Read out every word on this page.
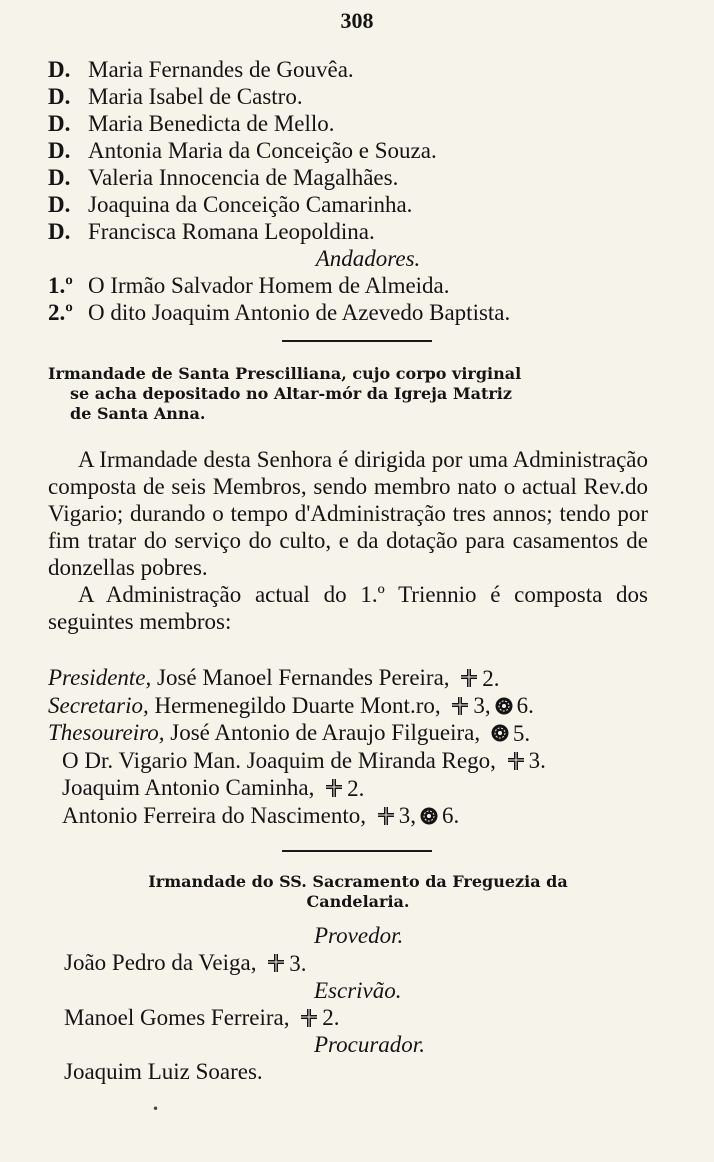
308
D. Maria Fernandes de Gouvêa.
D. Maria Isabel de Castro.
D. Maria Benedicta de Mello.
D. Antonia Maria da Conceição e Souza.
D. Valeria Innocencia de Magalhães.
D. Joaquina da Conceição Camarinha.
D. Francisca Romana Leopoldina.
Andadores.
1.º O Irmão Salvador Homem de Almeida.
2.º O dito Joaquim Antonio de Azevedo Baptista.
Irmandade de Santa Prescilliana, cujo corpo virginal
se acha depositado no Altar-mór da Igreja Matriz
de Santa Anna.

A Irmandade desta Senhora é dirigida por uma Administração composta de seis Membros, sendo membro nato o actual Rev.do Vigario; durando o tempo d'Administração tres annos; tendo por fim tratar do serviço do culto, e da dotação para casamentos de donzellas pobres.

A Administração actual do 1.º Triennio é composta dos seguintes membros:

Presidente, José Manoel Fernandes Pereira, 2.
Secretario, Hermenegildo Duarte Mont.ro, 3, 6.
Thesoureiro, José Antonio de Araujo Filgueira, 5.
O Dr. Vigario Man. Joaquim de Miranda Rego, 3.
Joaquim Antonio Caminha, 2.
Antonio Ferreira do Nascimento, 3, 6.
Irmandade do SS. Sacramento da Freguezia da
Candelaria.
Provedor.
João Pedro da Veiga, 3.
Escrivão.
Manoel Gomes Ferreira, 2.
Procurador.
Joaquim Luiz Soares.
•
